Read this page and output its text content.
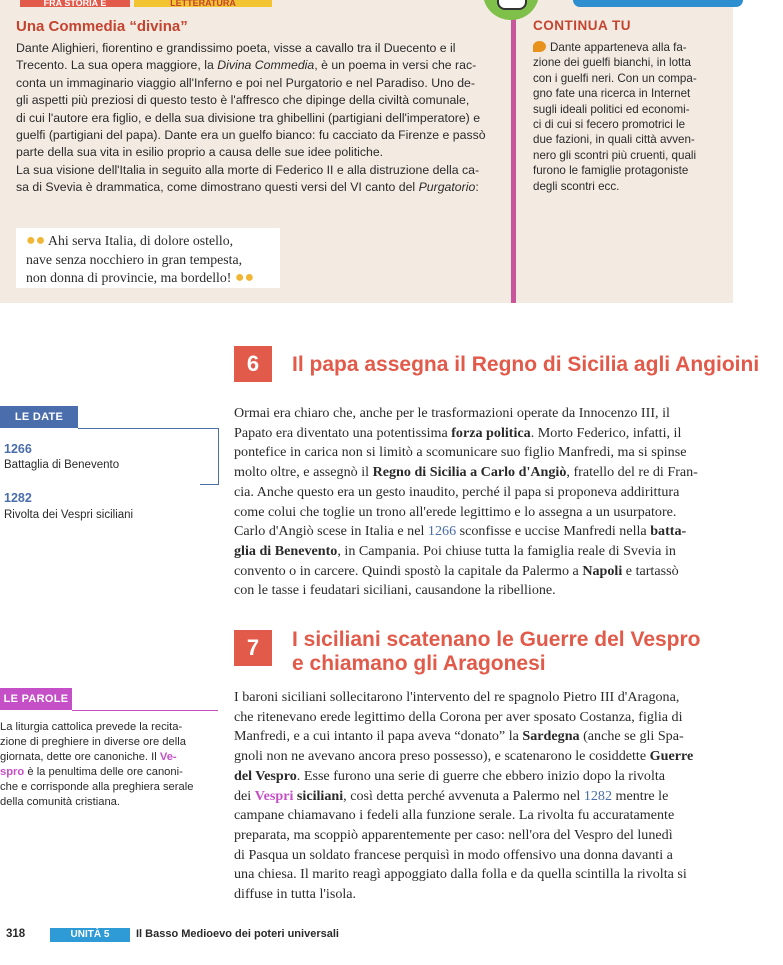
FRA STORIA E	LETTERATURA

Una Commedia “divina”

Dante Alighieri, fiorentino e grandissimo poeta, visse a cavallo tra il Duecento e il

Trecento. La sua opera maggiore, la Divina Commedia, è un poema in versi che rac-

conta un immaginario viaggio all'Inferno e poi nel Purgatorio e nel Paradiso. Uno de-

gli aspetti più preziosi di questo testo è l'affresco che dipinge della civiltà comunale,

di cui l'autore era figlio, e della sua divisione tra ghibellini (partigiani dell'imperatore) e

guelfi (partigiani del papa). Dante era un guelfo bianco: fu cacciato da Firenze e passò

parte della sua vita in esilio proprio a causa delle sue idee politiche.

La sua visione dell'Italia in seguito alla morte di Federico II e alla distruzione della ca-

sa di Svevia è drammatica, come dimostrano questi versi del VI canto del Purgatorio:

●● Ahi serva Italia, di dolore ostello,

nave senza nocchiero in gran tempesta,

non donna di provincie, ma bordello! ●●

CONTINUA TU

Dante apparteneva alla fa-

zione dei guelfi bianchi, in lotta

con i guelfi neri. Con un compa-

gno fate una ricerca in Internet

sugli ideali politici ed economi-

ci di cui si fecero promotrici le

due fazioni, in quali città avven-

nero gli scontri più cruenti, quali

furono le famiglie protagoniste

degli scontri ecc.

6	Il papa assegna il Regno di Sicilia agli Angioini

LE DATE

1266

Battaglia di Benevento

1282

Rivolta dei Vespri siciliani

Ormai era chiaro che, anche per le trasformazioni operate da Innocenzo III, il

Papato era diventato una potentissima forza politica. Morto Federico, infatti, il

pontefice in carica non si limitò a scomunicare suo figlio Manfredi, ma si spinse

molto oltre, e assegnò il Regno di Sicilia a Carlo d'Angiò, fratello del re di Fran-

cia. Anche questo era un gesto inaudito, perché il papa si proponeva addirittura

come colui che toglie un trono all'erede legittimo e lo assegna a un usurpatore.

Carlo d'Angiò scese in Italia e nel 1266 sconfisse e uccise Manfredi nella batta-

glia di Benevento, in Campania. Poi chiuse tutta la famiglia reale di Svevia in

convento o in carcere. Quindi spostò la capitale da Palermo a Napoli e tartassò

con le tasse i feudatari siciliani, causandone la ribellione.

7	I siciliani scatenano le Guerre del Vespro

e chiamano gli Aragonesi

LE PAROLE

La liturgia cattolica prevede la recita-

zione di preghiere in diverse ore della

giornata, dette ore canoniche. Il Ve-

spro è la penultima delle ore canoni-

che e corrisponde alla preghiera serale

della comunità cristiana.

I baroni siciliani sollecitarono l'intervento del re spagnolo Pietro III d'Aragona,

che ritenevano erede legittimo della Corona per aver sposato Costanza, figlia di

Manfredi, e a cui intanto il papa aveva “donato” la Sardegna (anche se gli Spa-

gnoli non ne avevano ancora preso possesso), e scatenarono le cosiddette Guerre

del Vespro. Esse furono una serie di guerre che ebbero inizio dopo la rivolta

dei Vespri siciliani, così detta perché avvenuta a Palermo nel 1282 mentre le

campane chiamavano i fedeli alla funzione serale. La rivolta fu accuratamente

preparata, ma scoppiò apparentemente per caso: nell'ora del Vespro del lunedì

di Pasqua un soldato francese perquisì in modo offensivo una donna davanti a

una chiesa. Il marito reagì appoggiato dalla folla e da quella scintilla la rivolta si

diffuse in tutta l'isola.

318	UNITÀ 5	Il Basso Medioevo dei poteri universali
